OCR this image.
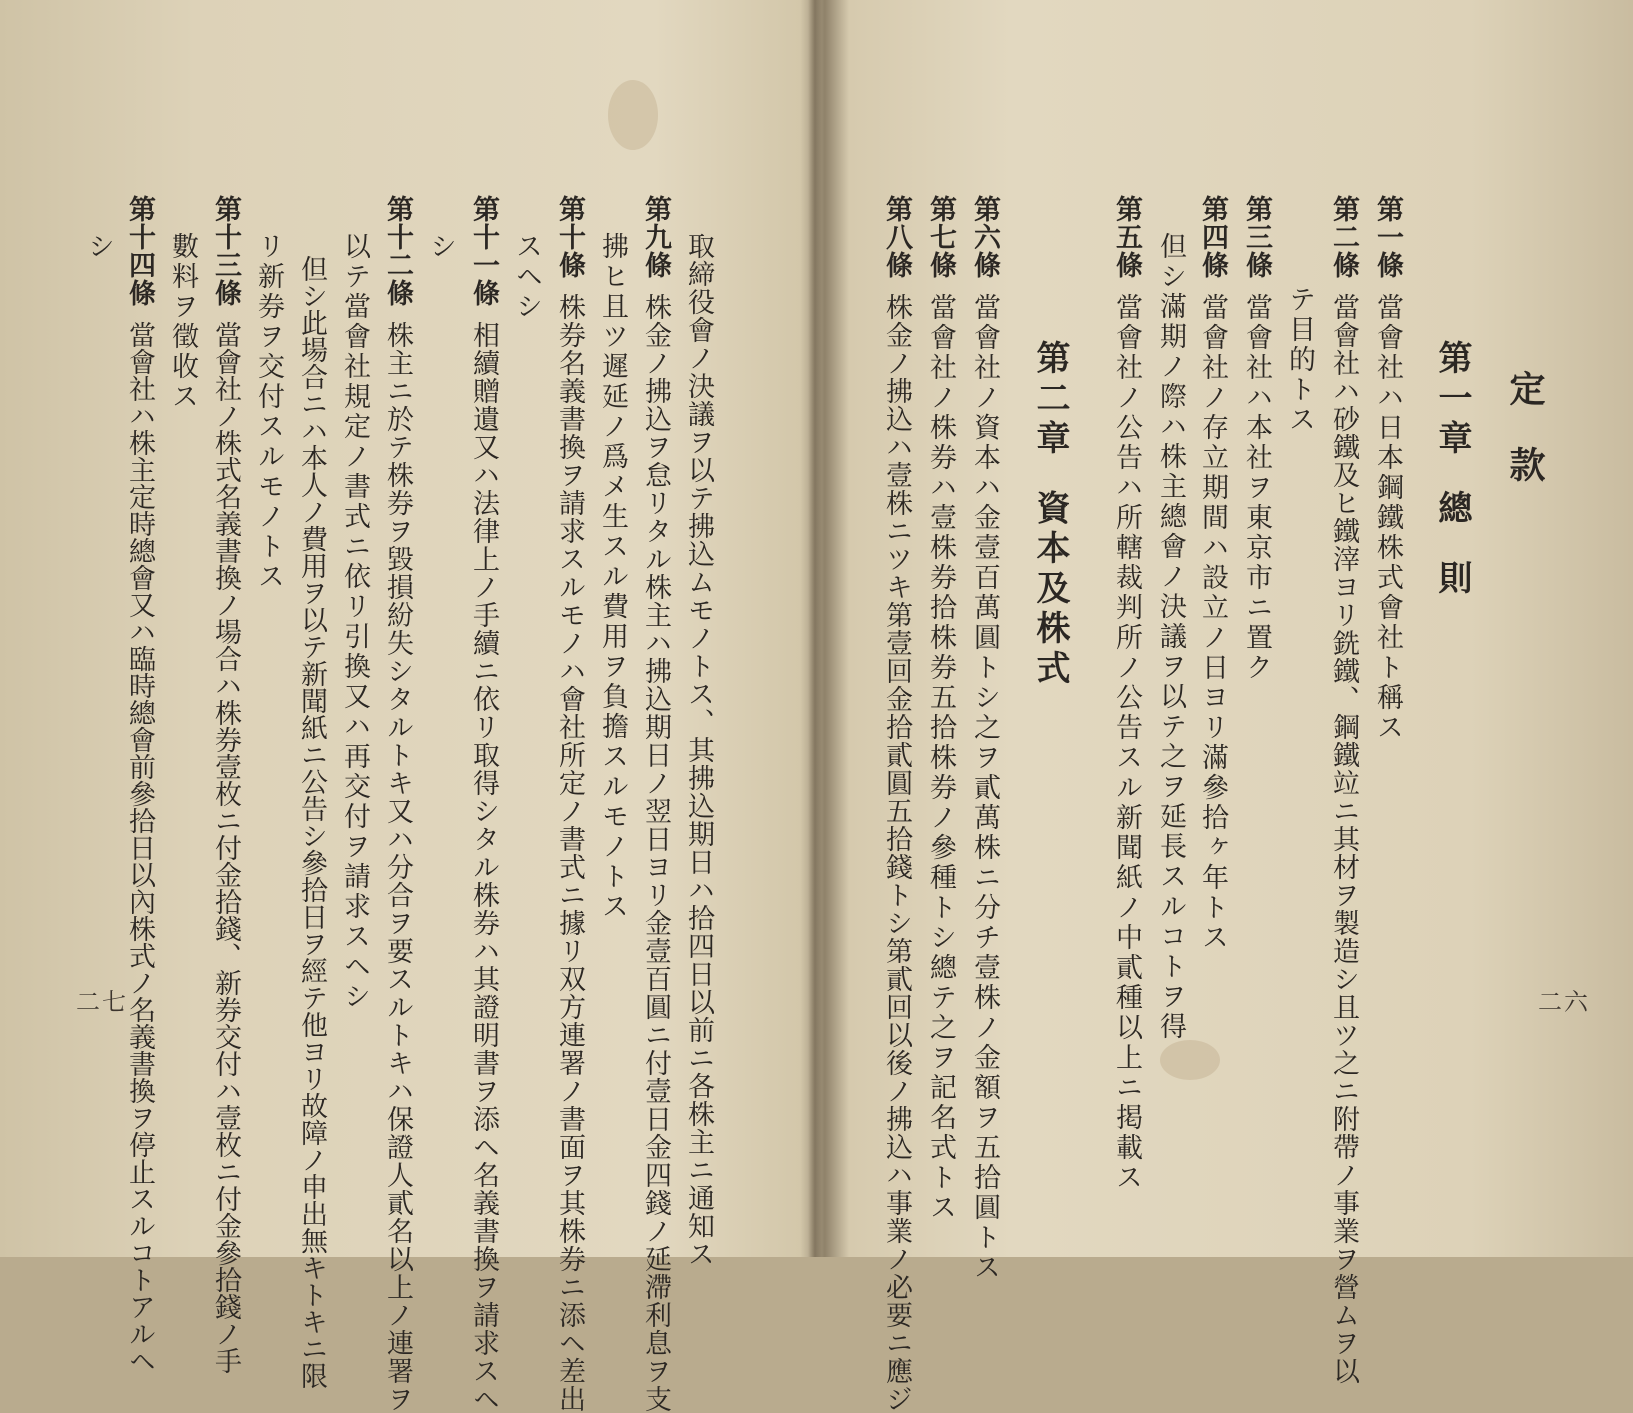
定款
第一章總則
第一條當會社ハ日本鋼鐵株式會社ト稱ス
第二條當會社ハ砂鐵及ヒ鐵滓ヨリ銑鐵、鋼鐵竝ニ其材ヲ製造シ且ツ之ニ附帶ノ事業ヲ營ムヲ以
テ目的トス
第三條當會社ハ本社ヲ東京市ニ置ク
第四條當會社ノ存立期間ハ設立ノ日ヨリ滿參拾ヶ年トス
但シ滿期ノ際ハ株主總會ノ決議ヲ以テ之ヲ延長スルコトヲ得
第五條當會社ノ公告ハ所轄裁判所ノ公告スル新聞紙ノ中貳種以上ニ掲載ス
第二章資本及株式
第六條當會社ノ資本ハ金壹百萬圓トシ之ヲ貳萬株ニ分チ壹株ノ金額ヲ五拾圓トス
第七條當會社ノ株券ハ壹株券拾株券五拾株券ノ參種トシ總テ之ヲ記名式トス
第八條株金ノ拂込ハ壹株ニツキ第壹回金拾貳圓五拾錢トシ第貳回以後ノ拂込ハ事業ノ必要ニ應ジ	二六
取締役會ノ決議ヲ以テ拂込ムモノトス、其拂込期日ハ拾四日以前ニ各株主ニ通知ス
第九條株金ノ拂込ヲ怠リタル株主ハ拂込期日ノ翌日ヨリ金壹百圓ニ付壹日金四錢ノ延滯利息ヲ支
拂ヒ且ツ遲延ノ爲メ生スル費用ヲ負擔スルモノトス
第十條株券名義書換ヲ請求スルモノハ會社所定ノ書式ニ據リ双方連署ノ書面ヲ其株券ニ添ヘ差出
スヘシ
第十一條相續贈遺又ハ法律上ノ手續ニ依リ取得シタル株券ハ其證明書ヲ添ヘ名義書換ヲ請求スヘ
シ
第十二條株主ニ於テ株券ヲ毀損紛失シタルトキ又ハ分合ヲ要スルトキハ保證人貳名以上ノ連署ヲ
以テ當會社規定ノ書式ニ依リ引換又ハ再交付ヲ請求スヘシ
但シ此場合ニハ本人ノ費用ヲ以テ新聞紙ニ公告シ參拾日ヲ經テ他ヨリ故障ノ申出無キトキニ限
リ新券ヲ交付スルモノトス
第十三條當會社ノ株式名義書換ノ場合ハ株券壹枚ニ付金拾錢、新券交付ハ壹枚ニ付金參拾錢ノ手
數料ヲ徵收ス
第十四條當會社ハ株主定時總會又ハ臨時總會前參拾日以內株式ノ名義書換ヲ停止スルコトアルヘ
シ
二七
